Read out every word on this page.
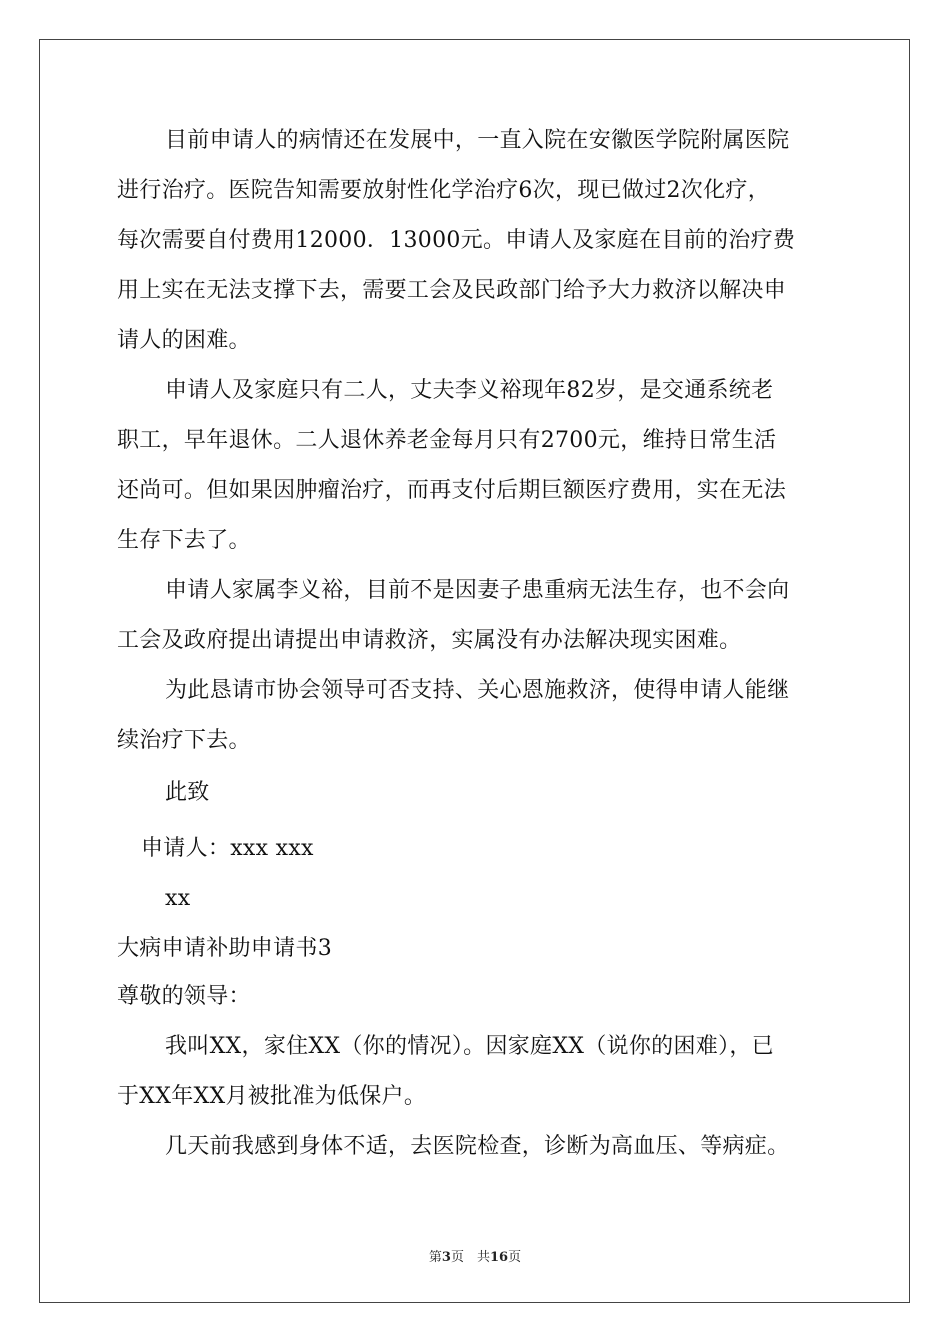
目前申请人的病情还在发展中，一直入院在安徽医学院附属医院
进行治疗。医院告知需要放射性化学治疗6次，现已做过2次化疗，
每次需要自付费用12000．13000元。申请人及家庭在目前的治疗费
用上实在无法支撑下去，需要工会及民政部门给予大力救济以解决申
请人的困难。
申请人及家庭只有二人，丈夫李义裕现年82岁，是交通系统老
职工，早年退休。二人退休养老金每月只有2700元，维持日常生活
还尚可。但如果因肿瘤治疗，而再支付后期巨额医疗费用，实在无法
生存下去了。
申请人家属李义裕，目前不是因妻子患重病无法生存，也不会向
工会及政府提出请提出申请救济，实属没有办法解决现实困难。
为此恳请市协会领导可否支持、关心恩施救济，使得申请人能继
续治疗下去。
此致
申请人：xxx xxx
xx
大病申请补助申请书3
尊敬的领导：
我叫XX，家住XX（你的情况）。因家庭XX（说你的困难），已
于XX年XX月被批准为低保户。
几天前我感到身体不适，去医院检查，诊断为高血压、等病症。
第3页　共16页
